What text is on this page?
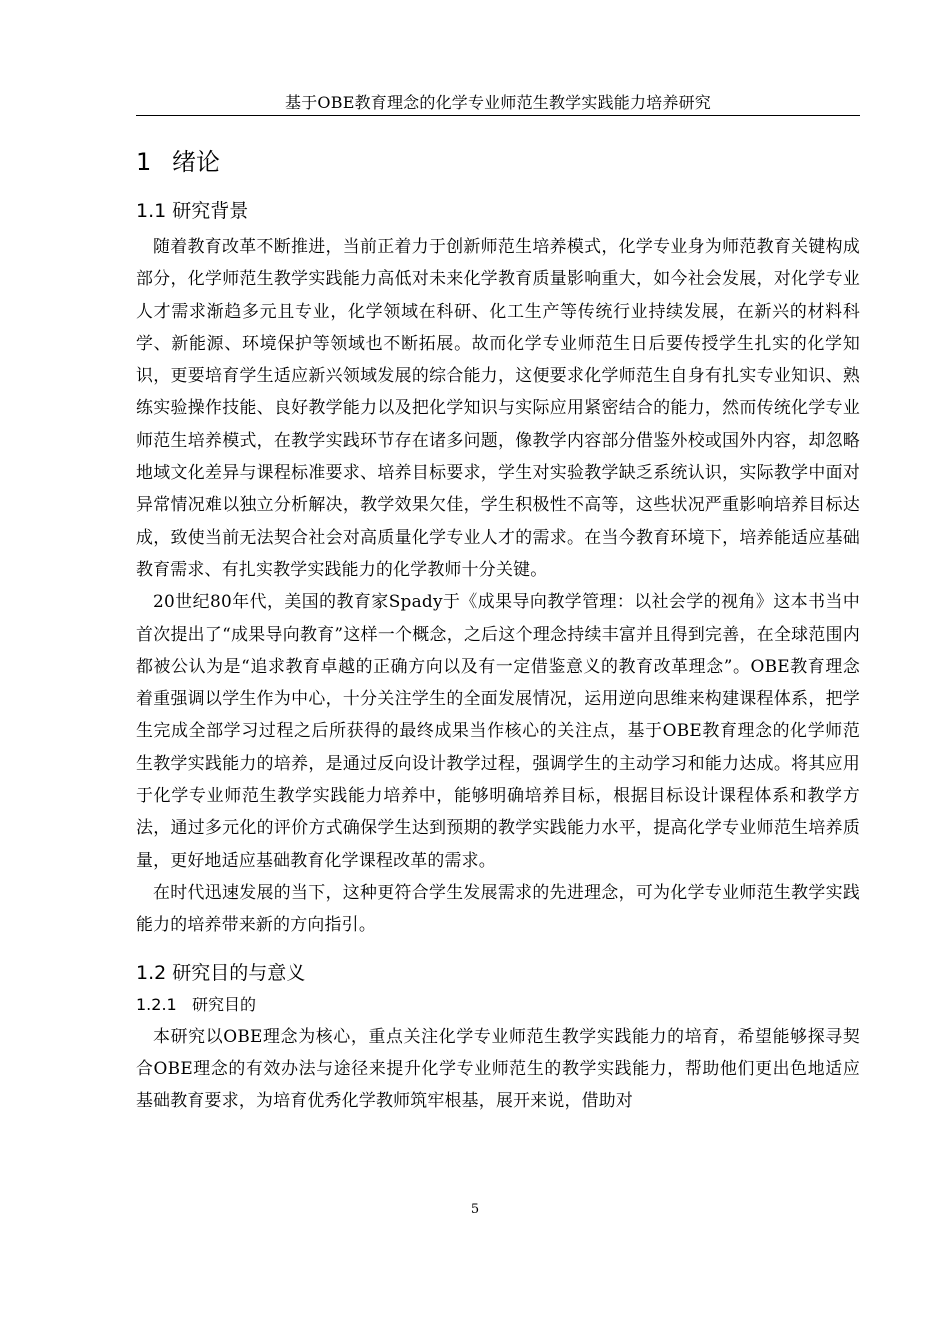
基于OBE教育理念的化学专业师范生教学实践能力培养研究
1 绪论
1.1 研究背景

随着教育改革不断推进，当前正着力于创新师范生培养模式，化学专业身为师范教育关键构成部分，化学师范生教学实践能力高低对未来化学教育质量影响重大，如今社会发展，对化学专业人才需求渐趋多元且专业，化学领域在科研、化工生产等传统行业持续发展，在新兴的材料科学、新能源、环境保护等领域也不断拓展。故而化学专业师范生日后要传授学生扎实的化学知识，更要培育学生适应新兴领域发展的综合能力，这便要求化学师范生自身有扎实专业知识、熟练实验操作技能、良好教学能力以及把化学知识与实际应用紧密结合的能力，然而传统化学专业师范生培养模式，在教学实践环节存在诸多问题，像教学内容部分借鉴外校或国外内容，却忽略地域文化差异与课程标准要求、培养目标要求，学生对实验教学缺乏系统认识，实际教学中面对异常情况难以独立分析解决，教学效果欠佳，学生积极性不高等，这些状况严重影响培养目标达成，致使当前无法契合社会对高质量化学专业人才的需求。在当今教育环境下，培养能适应基础教育需求、有扎实教学实践能力的化学教师十分关键。

20世纪80年代，美国的教育家Spady于《成果导向教学管理：以社会学的视角》这本书当中首次提出了“成果导向教育”这样一个概念，之后这个理念持续丰富并且得到完善，在全球范围内都被公认为是“追求教育卓越的正确方向以及有一定借鉴意义的教育改革理念”。OBE教育理念着重强调以学生作为中心，十分关注学生的全面发展情况，运用逆向思维来构建课程体系，把学生完成全部学习过程之后所获得的最终成果当作核心的关注点，基于OBE教育理念的化学师范生教学实践能力的培养，是通过反向设计教学过程，强调学生的主动学习和能力达成。将其应用于化学专业师范生教学实践能力培养中，能够明确培养目标，根据目标设计课程体系和教学方法，通过多元化的评价方式确保学生达到预期的教学实践能力水平，提高化学专业师范生培养质量，更好地适应基础教育化学课程改革的需求。

在时代迅速发展的当下，这种更符合学生发展需求的先进理念，可为化学专业师范生教学实践能力的培养带来新的方向指引。

1.2 研究目的与意义
1.2.1 研究目的

本研究以OBE理念为核心，重点关注化学专业师范生教学实践能力的培育，希望能够探寻契合OBE理念的有效办法与途径来提升化学专业师范生的教学实践能力，帮助他们更出色地适应基础教育要求，为培育优秀化学教师筑牢根基，展开来说，借助对

5
